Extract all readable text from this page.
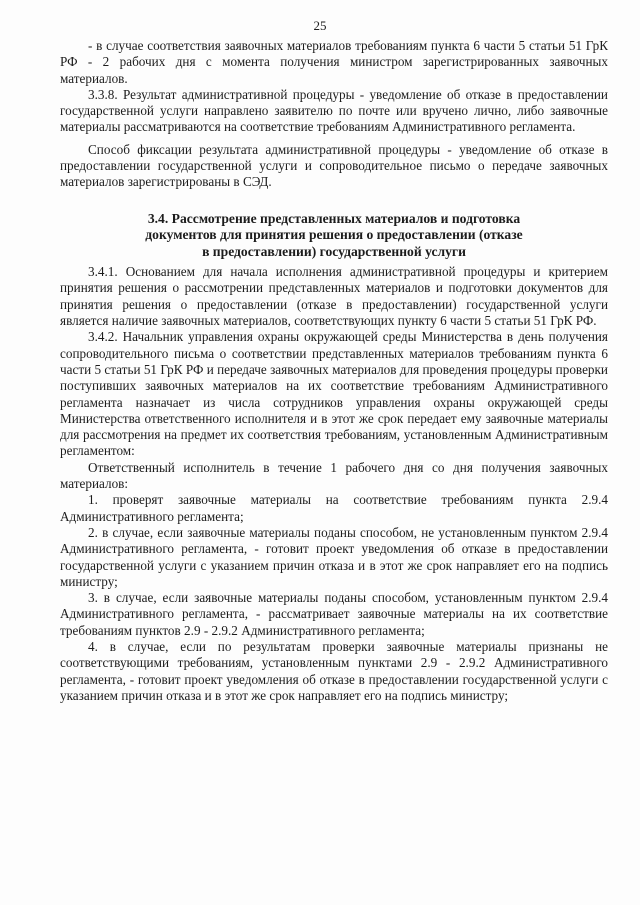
25

- в случае соответствия заявочных материалов требованиям пункта 6 части 5 статьи 51 ГрК РФ - 2 рабочих дня с момента получения министром зарегистрированных заявочных материалов.

3.3.8. Результат административной процедуры - уведомление об отказе в предоставлении государственной услуги направлено заявителю по почте или вручено лично, либо заявочные материалы рассматриваются на соответствие требованиям Административного регламента.

Способ фиксации результата административной процедуры - уведомление об отказе в предоставлении государственной услуги и сопроводительное письмо о передаче заявочных материалов зарегистрированы в СЭД.

3.4. Рассмотрение представленных материалов и подготовка
документов для принятия решения о предоставлении (отказе
в предоставлении) государственной услуги

3.4.1. Основанием для начала исполнения административной процедуры и критерием принятия решения о рассмотрении представленных материалов и подготовки документов для принятия решения о предоставлении (отказе в предоставлении) государственной услуги является наличие заявочных материалов, соответствующих пункту 6 части 5 статьи 51 ГрК РФ.

3.4.2. Начальник управления охраны окружающей среды Министерства в день получения сопроводительного письма о соответствии представленных материалов требованиям пункта 6 части 5 статьи 51 ГрК РФ и передаче заявочных материалов для проведения процедуры проверки поступивших заявочных материалов на их соответствие требованиям Административного регламента назначает из числа сотрудников управления охраны окружающей среды Министерства ответственного исполнителя и в этот же срок передает ему заявочные материалы для рассмотрения на предмет их соответствия требованиям, установленным Административным регламентом:

Ответственный исполнитель в течение 1 рабочего дня со дня получения заявочных материалов:

1. проверят заявочные материалы на соответствие требованиям пункта 2.9.4 Административного регламента;

2. в случае, если заявочные материалы поданы способом, не установленным пунктом 2.9.4 Административного регламента, - готовит проект уведомления об отказе в предоставлении государственной услуги с указанием причин отказа и в этот же срок направляет его на подпись министру;

3. в случае, если заявочные материалы поданы способом, установленным пунктом 2.9.4 Административного регламента, - рассматривает заявочные материалы на их соответствие требованиям пунктов 2.9 - 2.9.2 Административного регламента;

4. в случае, если по результатам проверки заявочные материалы признаны не соответствующими требованиям, установленным пунктами 2.9 - 2.9.2 Административного регламента, - готовит проект уведомления об отказе в предоставлении государственной услуги с указанием причин отказа и в этот же срок направляет его на подпись министру;
